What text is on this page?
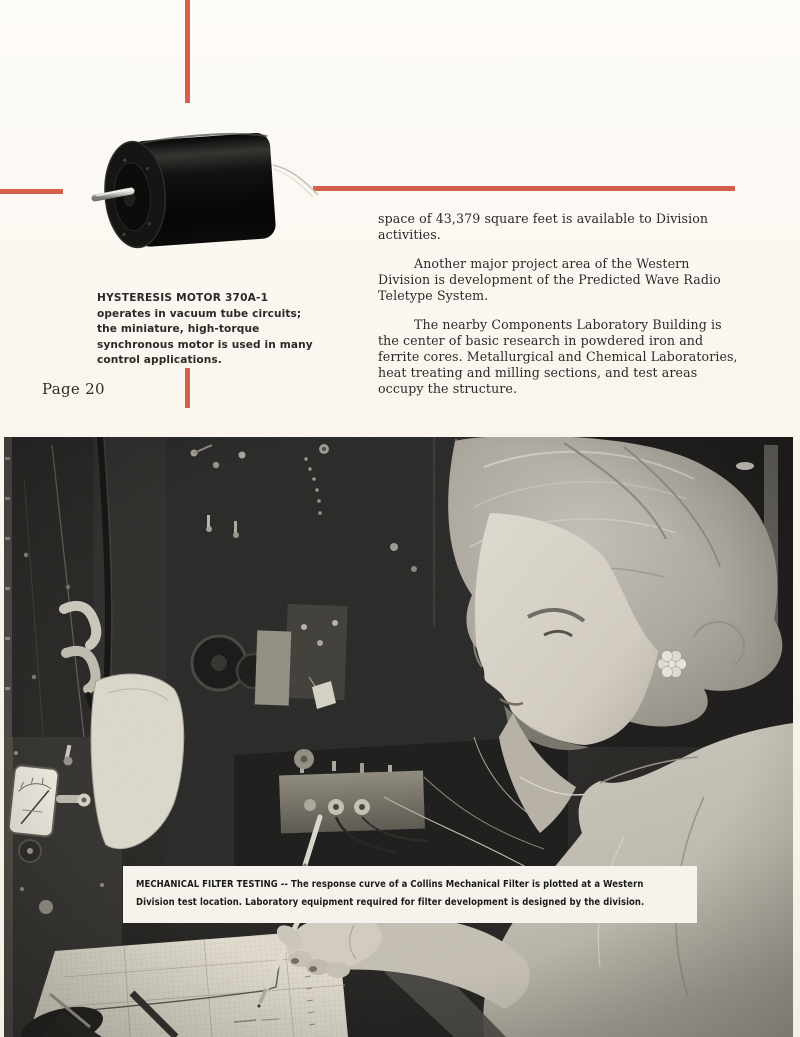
HYSTERESIS MOTOR 370A-1 operates in vacuum tube circuits; the miniature, high-torque synchronous motor is used in many control applications.

Page 20

space of 43,379 square feet is available to Division activities.

Another major project area of the Western Division is development of the Predicted Wave Radio Teletype System.

The nearby Components Laboratory Building is the center of basic research in powdered iron and ferrite cores. Metallurgical and Chemical Laboratories, heat treating and milling sections, and test areas occupy the structure.

MECHANICAL FILTER TESTING -- The response curve of a Collins Mechanical Filter is plotted at a Western
Division test location. Laboratory equipment required for filter development is designed by the division.
